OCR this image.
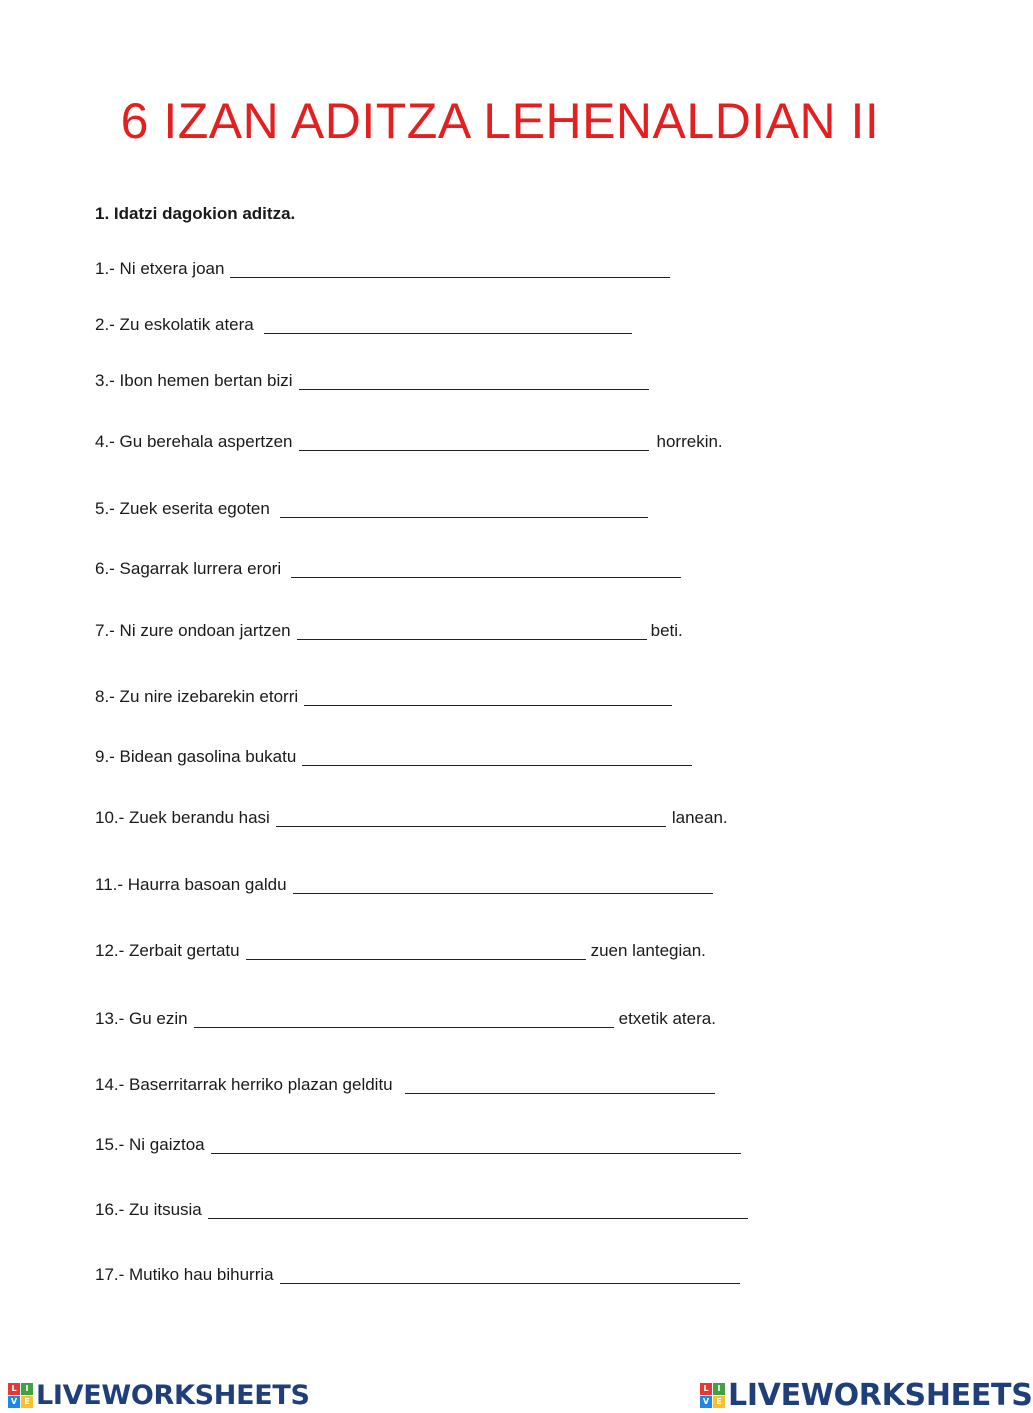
6 IZAN ADITZA LEHENALDIAN II

1. Idatzi dagokion aditza.

1.- Ni etxera joan
2.- Zu eskolatik atera
3.- Ibon hemen bertan bizi
4.- Gu berehala aspertzen	horrekin.
5.- Zuek eserita egoten
6.- Sagarrak lurrera erori
7.- Ni zure ondoan jartzen	beti.
8.- Zu nire izebarekin etorri
9.- Bidean gasolina bukatu
10.- Zuek berandu hasi	lanean.
11.- Haurra basoan galdu
12.- Zerbait gertatu	zuen lantegian.
13.- Gu ezin	etxetik atera.
14.- Baserritarrak herriko plazan gelditu
15.- Ni gaiztoa
16.- Zu itsusia
17.- Mutiko hau bihurria
L	I
V E LIVEWORKSHEETS	L	I
V E LIVEWORKSHEETS
